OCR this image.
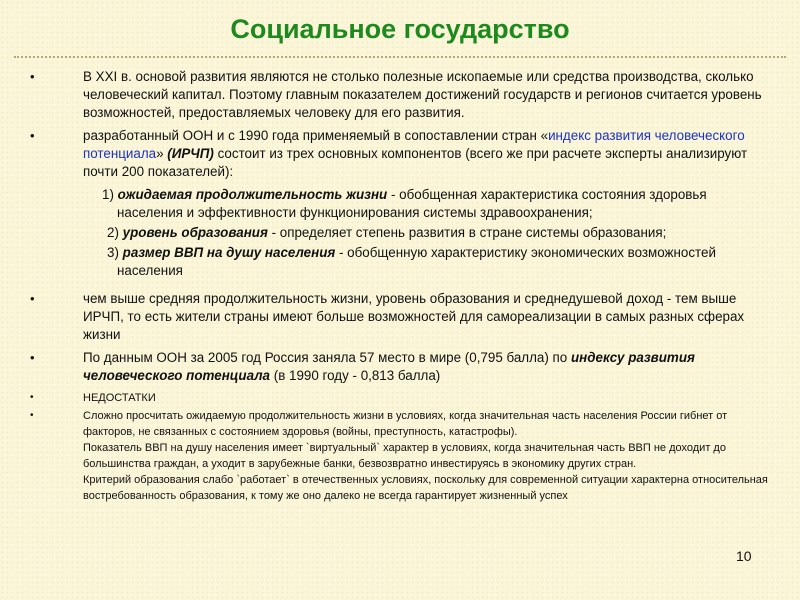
Социальное государство
•	В XXI в. основой развития являются не столько полезные ископаемые или средства производства, сколько человеческий капитал. Поэтому главным показателем достижений государств и регионов считается уровень возможностей, предоставляемых человеку для его развития.
•	разработанный ООН и с 1990 года применяемый в сопоставлении стран «индекс развития человеческого потенциала» (ИРЧП) состоит из трех основных компонентов (всего же при расчете эксперты анализируют почти 200 показателей):
1) ожидаемая продолжительность жизни - обобщенная характеристика состояния здоровья населения и эффективности функционирования системы здравоохранения;
2) уровень образования - определяет степень развития в стране системы образования;
3) размер ВВП на душу населения - обобщенную характеристику экономических возможностей населения
•	чем выше средняя продолжительность жизни, уровень образования и среднедушевой доход - тем выше ИРЧП, то есть жители страны имеют больше возможностей для самореализации в самых разных сферах жизни
•	По данным ООН за 2005 год Россия заняла 57 место в мире (0,795 балла) по индексу развития человеческого потенциала (в 1990 году - 0,813 балла)
•	НЕДОСТАТКИ
•	Сложно просчитать ожидаемую продолжительность жизни в условиях, когда значительная часть населения России гибнет от факторов, не связанных с состоянием здоровья (войны, преступность, катастрофы).
Показатель ВВП на душу населения имеет `виртуальный` характер в условиях, когда значительная часть ВВП не доходит до большинства граждан, а уходит в зарубежные банки, безвозвратно инвестируясь в экономику других стран.
Критерий образования слабо `работает` в отечественных условиях, поскольку для современной ситуации характерна относительная востребованность образования, к тому же оно далеко не всегда гарантирует жизненный успех
10
